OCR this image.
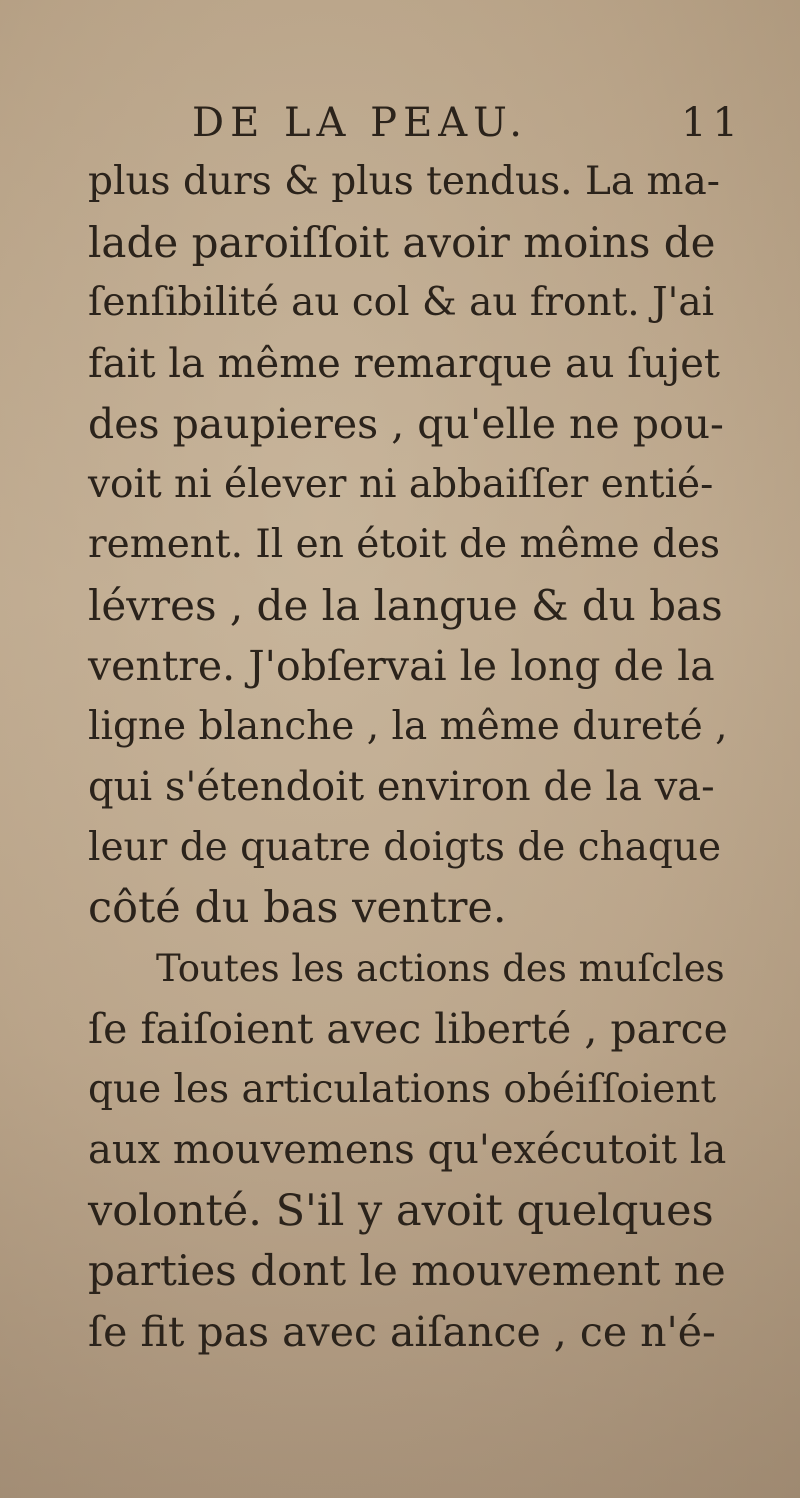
DE LA PEAU.	11
plus durs & plus tendus. La ma-
lade paroiſſoit avoir moins de
ſenſibilité au col & au front. J'ai
fait la même remarque au ſujet
des paupieres , qu'elle ne pou-
voit ni élever ni abbaiſſer entié-
rement. Il en étoit de même des
lévres , de la langue & du bas
ventre. J'obſervai le long de la
ligne blanche , la même dureté ,
qui s'étendoit environ de la va-
leur de quatre doigts de chaque
côté du bas ventre.
Toutes les actions des muſcles
ſe faiſoient avec liberté , parce
que les articulations obéiſſoient
aux mouvemens qu'exécutoit la
volonté. S'il y avoit quelques
parties dont le mouvement ne
ſe fit pas avec aiſance , ce n'é-
